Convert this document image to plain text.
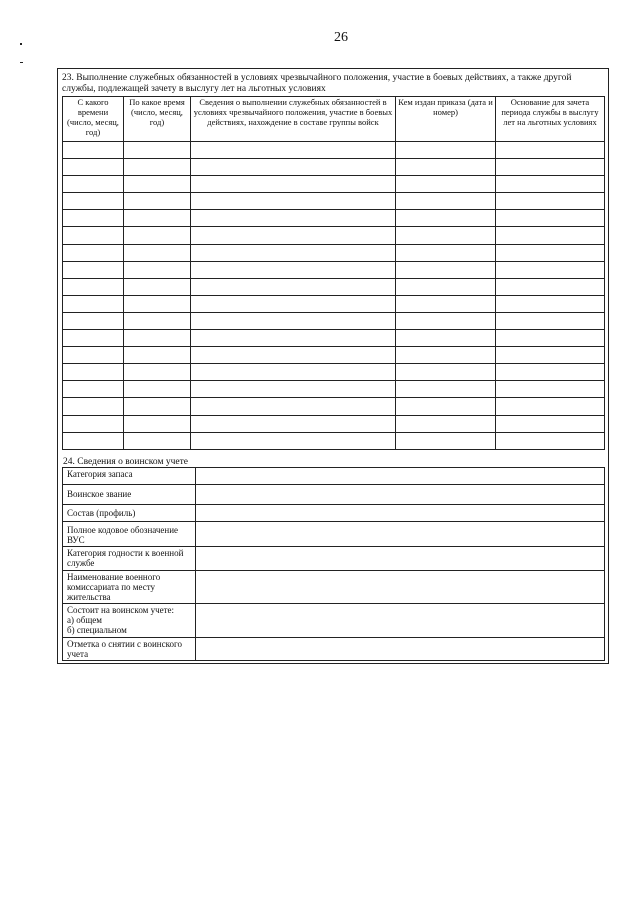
26
23. Выполнение служебных обязанностей в условиях чрезвычайного положения, участие в боевых действиях, а также другой службы, подлежащей зачету в выслугу лет на льготных условиях
С какого времени (число, месяц, год)	По какое время (число, месяц, год)	Сведения о выполнении служебных обязанностей в условиях чрезвычайного положения, участие в боевых действиях, нахождение в составе группы войск	Кем издан приказа (дата и номер)	Основание для зачета периода службы в выслугу лет на льготных условиях

24. Сведения о воинском учете
Категория запаса	
Воинское звание	
Состав (профиль)	
Полное кодовое обозначение ВУС	
Категория годности к военной службе	
Наименование военного комиссариата по месту жительства	

Состоит на воинском учете:
а) общем
б) специальном	

Отметка о снятии с воинского учета	
